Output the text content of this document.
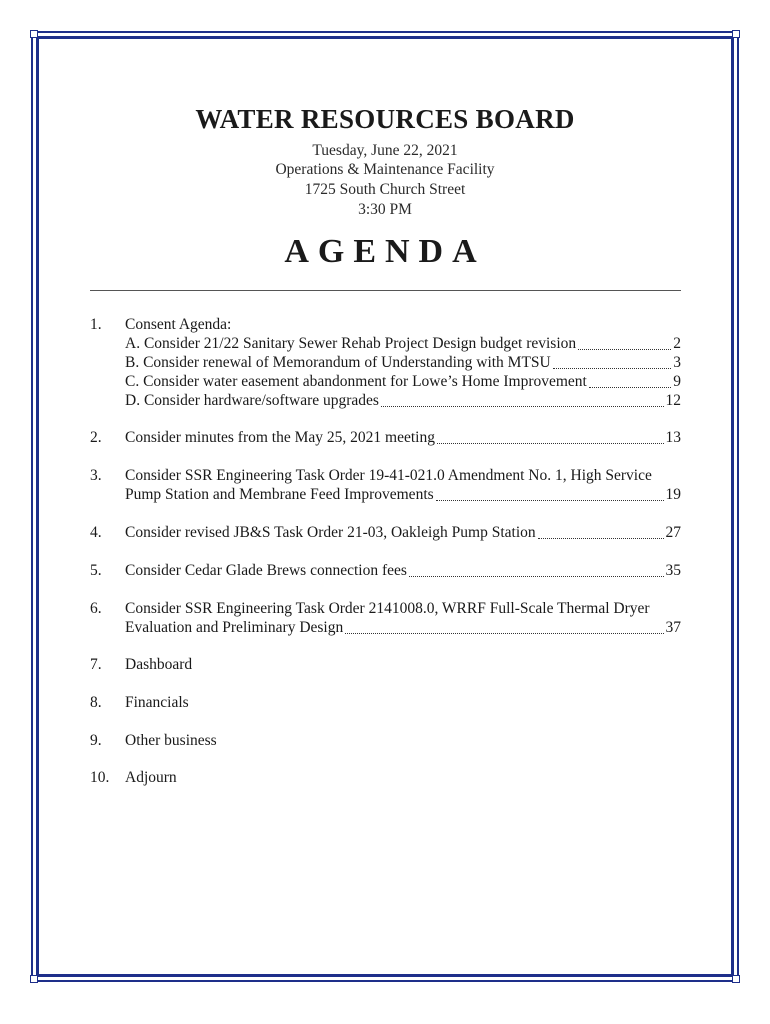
WATER RESOURCES BOARD
Tuesday, June 22, 2021
Operations & Maintenance Facility
1725 South Church Street
3:30 PM
AGENDA
1. Consent Agenda:
A. Consider 21/22 Sanitary Sewer Rehab Project Design budget revision	2
B. Consider renewal of Memorandum of Understanding with MTSU	3
C. Consider water easement abandonment for Lowe’s Home Improvement	9
D. Consider hardware/software upgrades	12
2. Consider minutes from the May 25, 2021 meeting	13
3. Consider SSR Engineering Task Order 19-41-021.0 Amendment No. 1, High Service
Pump Station and Membrane Feed Improvements	19
4. Consider revised JB&S Task Order 21-03, Oakleigh Pump Station	27
5. Consider Cedar Glade Brews connection fees	35
6. Consider SSR Engineering Task Order 2141008.0, WRRF Full-Scale Thermal Dryer
Evaluation and Preliminary Design	37
7. Dashboard
8. Financials
9. Other business
10. Adjourn
